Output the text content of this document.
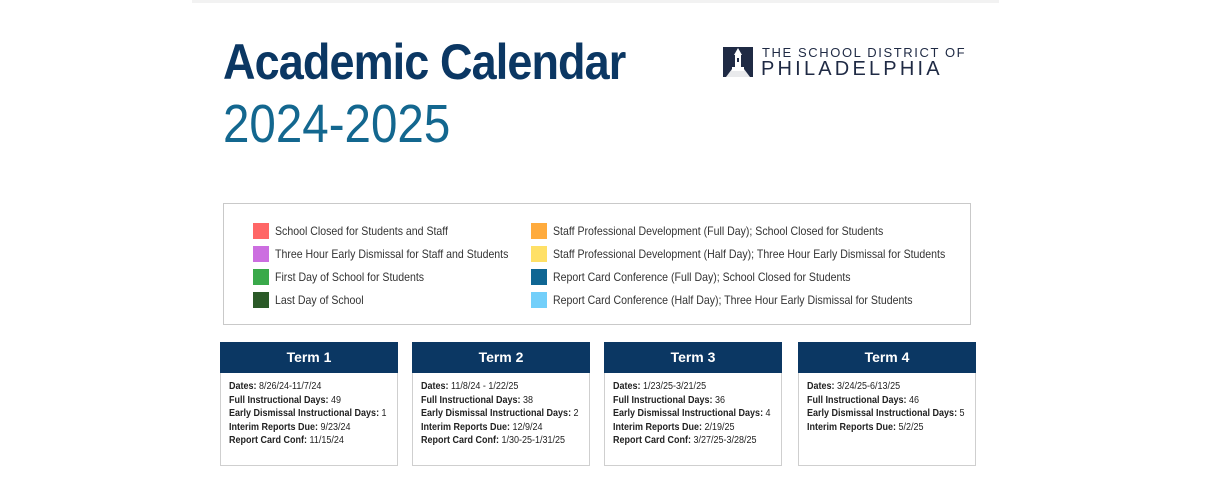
Academic Calendar
2024-2025
THE SCHOOL DISTRICT OF
PHILADELPHIA
School Closed for Students and Staff
Three Hour Early Dismissal for Staff and Students
First Day of School for Students
Last Day of School
Staff Professional Development (Full Day); School Closed for Students
Staff Professional Development (Half Day); Three Hour Early Dismissal for Students
Report Card Conference (Full Day); School Closed for Students
Report Card Conference (Half Day); Three Hour Early Dismissal for Students
Term 1
Dates: 8/26/24-11/7/24
Full Instructional Days: 49
Early Dismissal Instructional Days: 1
Interim Reports Due: 9/23/24
Report Card Conf: 11/15/24
Term 2
Dates: 11/8/24 - 1/22/25
Full Instructional Days: 38
Early Dismissal Instructional Days: 2
Interim Reports Due: 12/9/24
Report Card Conf: 1/30-25-1/31/25
Term 3
Dates: 1/23/25-3/21/25
Full Instructional Days: 36
Early Dismissal Instructional Days: 4
Interim Reports Due: 2/19/25
Report Card Conf: 3/27/25-3/28/25
Term 4
Dates: 3/24/25-6/13/25
Full Instructional Days: 46
Early Dismissal Instructional Days: 5
Interim Reports Due: 5/2/25
